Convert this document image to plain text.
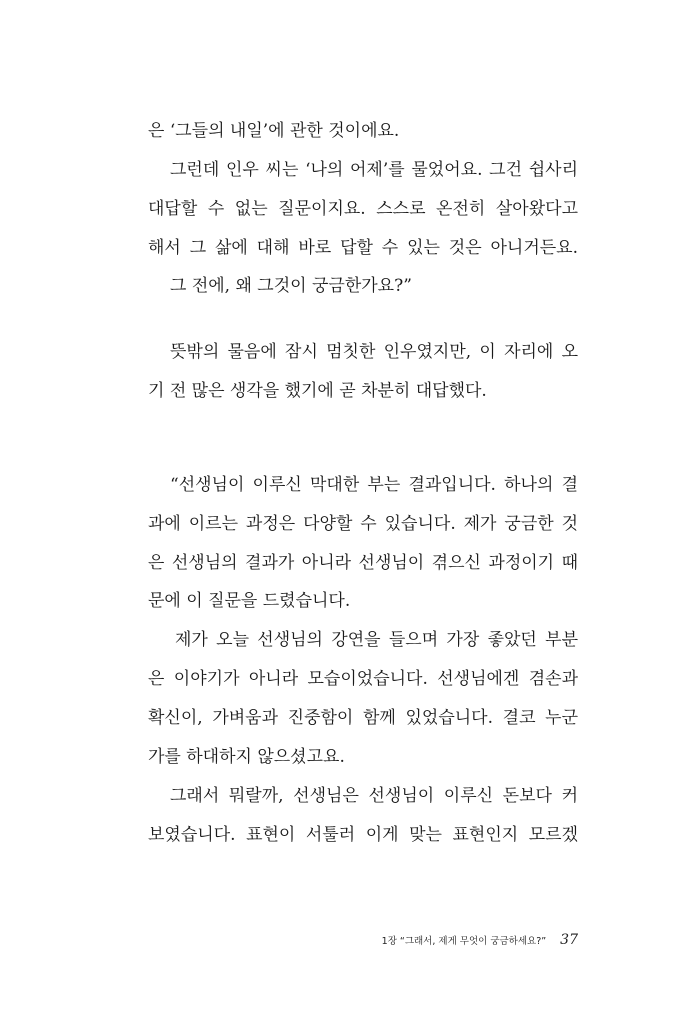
은 ‘그들의 내일’에 관한 것이에요.
그런데 인우 씨는 ‘나의 어제’를 물었어요. 그건 쉽사리
대답할 수 없는 질문이지요. 스스로 온전히 살아왔다고
해서 그 삶에 대해 바로 답할 수 있는 것은 아니거든요.
그 전에, 왜 그것이 궁금한가요?”
뜻밖의 물음에 잠시 멈칫한 인우였지만, 이 자리에 오
기 전 많은 생각을 했기에 곧 차분히 대답했다.
“선생님이 이루신 막대한 부는 결과입니다. 하나의 결
과에 이르는 과정은 다양할 수 있습니다. 제가 궁금한 것
은 선생님의 결과가 아니라 선생님이 겪으신 과정이기 때
문에 이 질문을 드렸습니다.
제가 오늘 선생님의 강연을 들으며 가장 좋았던 부분
은 이야기가 아니라 모습이었습니다. 선생님에겐 겸손과
확신이, 가벼움과 진중함이 함께 있었습니다. 결코 누군
가를 하대하지 않으셨고요.
그래서 뭐랄까, 선생님은 선생님이 이루신 돈보다 커
보였습니다. 표현이 서툴러 이게 맞는 표현인지 모르겠
1장 “그래서, 제게 무엇이 궁금하세요?” 37
